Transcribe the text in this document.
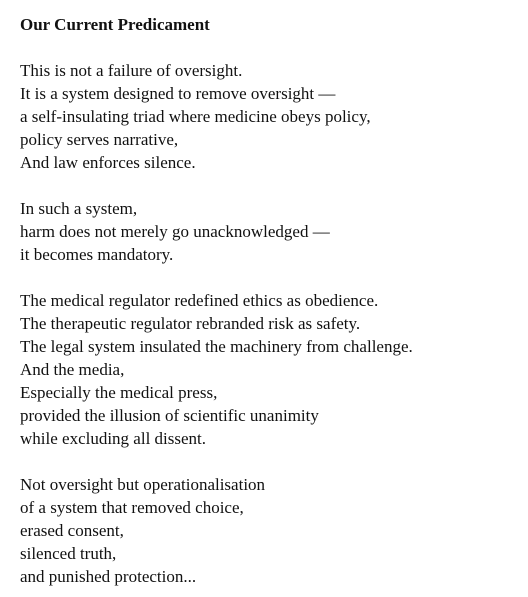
Our Current Predicament
This is not a failure of oversight.
It is a system designed to remove oversight —
a self-insulating triad where medicine obeys policy,
policy serves narrative,
And law enforces silence.
In such a system,
harm does not merely go unacknowledged —
it becomes mandatory.
The medical regulator redefined ethics as obedience.
The therapeutic regulator rebranded risk as safety.
The legal system insulated the machinery from challenge.
And the media,
Especially the medical press,
provided the illusion of scientific unanimity
while excluding all dissent.
Not oversight but operationalisation
of a system that removed choice,
erased consent,
silenced truth,
and punished protection...
